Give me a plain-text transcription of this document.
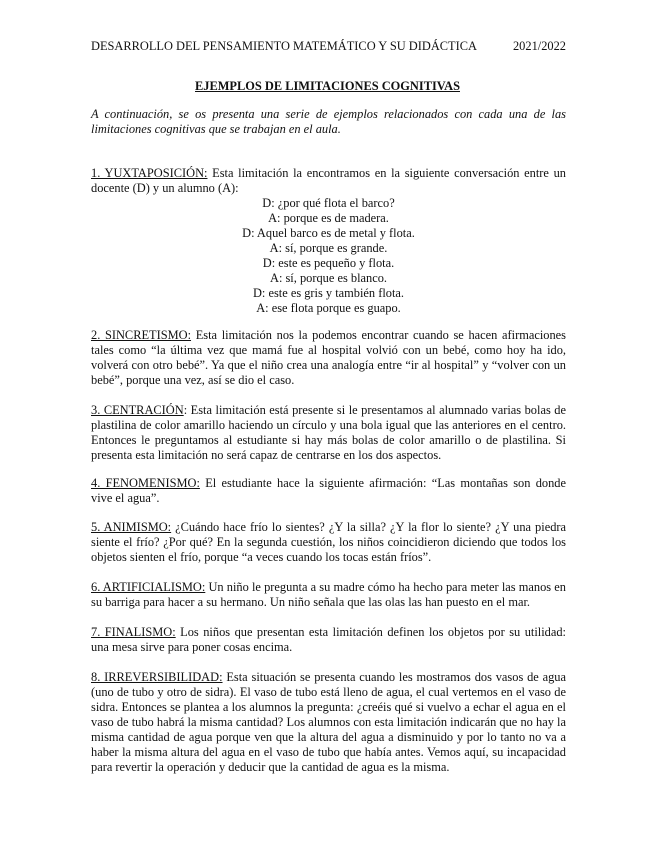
DESARROLLO DEL PENSAMIENTO MATEMÁTICO Y SU DIDÁCTICA	2021/2022
EJEMPLOS DE LIMITACIONES COGNITIVAS
A continuación, se os presenta una serie de ejemplos relacionados con cada una de las limitaciones cognitivas que se trabajan en el aula.
1. YUXTAPOSICIÓN: Esta limitación la encontramos en la siguiente conversación entre un docente (D) y un alumno (A):
D: ¿por qué flota el barco?
A: porque es de madera.
D: Aquel barco es de metal y flota.
A: sí, porque es grande.
D: este es pequeño y flota.
A: sí, porque es blanco.
D: este es gris y también flota.
A: ese flota porque es guapo.
2. SINCRETISMO: Esta limitación nos la podemos encontrar cuando se hacen afirmaciones tales como “la última vez que mamá fue al hospital volvió con un bebé, como hoy ha ido, volverá con otro bebé”. Ya que el niño crea una analogía entre “ir al hospital” y “volver con un bebé”, porque una vez, así se dio el caso.
3. CENTRACIÓN: Esta limitación está presente si le presentamos al alumnado varias bolas de plastilina de color amarillo haciendo un círculo y una bola igual que las anteriores en el centro. Entonces le preguntamos al estudiante si hay más bolas de color amarillo o de plastilina. Si presenta esta limitación no será capaz de centrarse en los dos aspectos.
4. FENOMENISMO: El estudiante hace la siguiente afirmación: “Las montañas son donde vive el agua”.
5. ANIMISMO: ¿Cuándo hace frío lo sientes? ¿Y la silla? ¿Y la flor lo siente? ¿Y una piedra siente el frío? ¿Por qué? En la segunda cuestión, los niños coincidieron diciendo que todos los objetos sienten el frío, porque “a veces cuando los tocas están fríos”.
6. ARTIFICIALISMO: Un niño le pregunta a su madre cómo ha hecho para meter las manos en su barriga para hacer a su hermano. Un niño señala que las olas las han puesto en el mar.
7. FINALISMO: Los niños que presentan esta limitación definen los objetos por su utilidad: una mesa sirve para poner cosas encima.
8. IRREVERSIBILIDAD: Esta situación se presenta cuando les mostramos dos vasos de agua (uno de tubo y otro de sidra). El vaso de tubo está lleno de agua, el cual vertemos en el vaso de sidra. Entonces se plantea a los alumnos la pregunta: ¿creéis qué si vuelvo a echar el agua en el vaso de tubo habrá la misma cantidad? Los alumnos con esta limitación indicarán que no hay la misma cantidad de agua porque ven que la altura del agua a disminuido y por lo tanto no va a haber la misma altura del agua en el vaso de tubo que había antes. Vemos aquí, su incapacidad para revertir la operación y deducir que la cantidad de agua es la misma.
